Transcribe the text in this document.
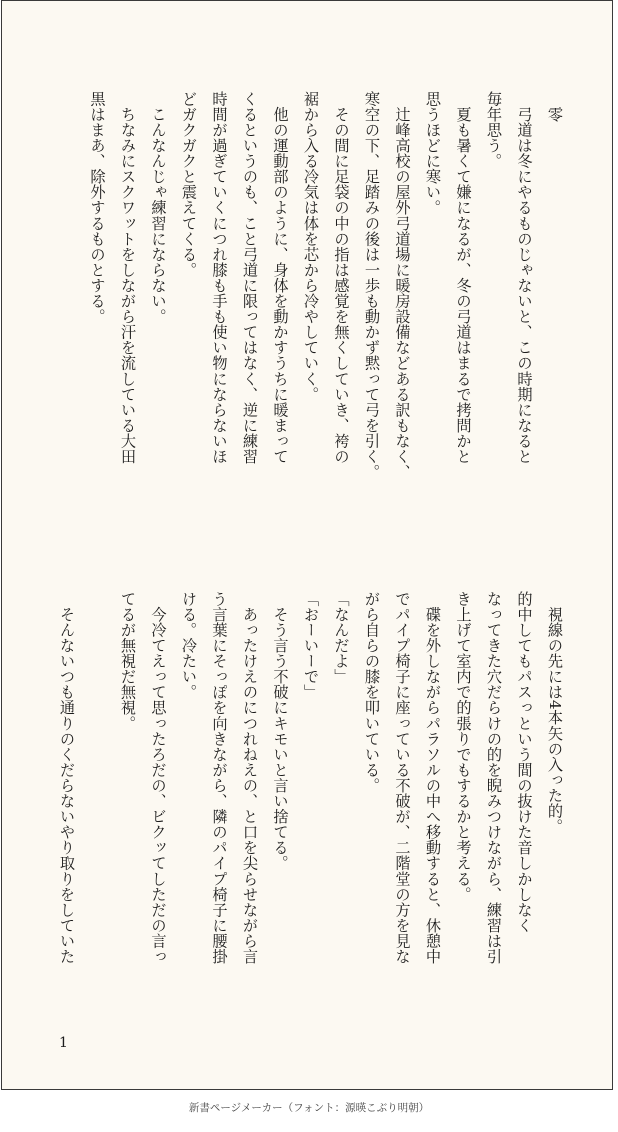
　零
　弓道は冬にやるものじゃないと、この時期になると
毎年思う。
　夏も暑くて嫌になるが、冬の弓道はまるで拷問かと
思うほどに寒い。
　辻峰高校の屋外弓道場に暖房設備などある訳もなく、
寒空の下、足踏みの後は一歩も動かず黙って弓を引く。
　その間に足袋の中の指は感覚を無くしていき、袴の
裾から入る冷気は体を芯から冷やしていく。
　他の運動部のように、身体を動かすうちに暖まって
くるというのも、こと弓道に限ってはなく、逆に練習
時間が過ぎていくにつれ膝も手も使い物にならないほ
どガクガクと震えてくる。
　こんなんじゃ練習にならない。
　ちなみにスクワットをしながら汗を流している大田
黒はまあ、除外するものとする。
　視線の先には4本矢の入った的。
的中してもパスっという間の抜けた音しかしなく
なってきた穴だらけの的を睨みつけながら、練習は引
き上げて室内で的張りでもするかと考える。
　碟を外しながらパラソルの中へ移動すると、休憩中
でパイプ椅子に座っている不破が、二階堂の方を見な
がら自らの膝を叩いている。
「なんだよ」
「おーいーで」
　そう言う不破にキモいと言い捨てる。
　あったけえのにつれねえの、と口を尖らせながら言
う言葉にそっぽを向きながら、隣のパイプ椅子に腰掛
ける。冷たい。
　今冷てえって思ったろだの、ビクッてしただの言っ
てるが無視だ無視。

　そんないつも通りのくだらないやり取りをしていた
1
新書ページメーカー（フォント：源暎こぶり明朝）
